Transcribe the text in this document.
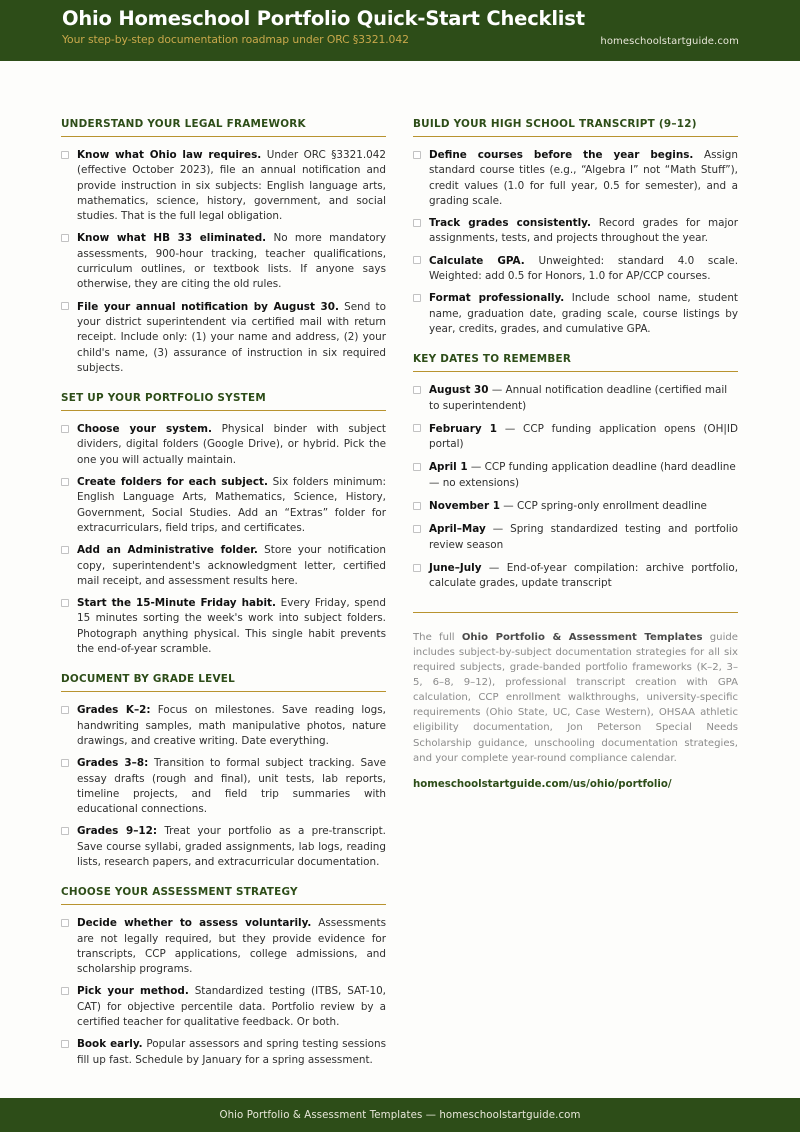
Ohio Homeschool Portfolio Quick-Start Checklist
Your step-by-step documentation roadmap under ORC §3321.042	homeschoolstartguide.com
UNDERSTAND YOUR LEGAL FRAMEWORK
Know what Ohio law requires. Under ORC §3321.042 (effective October 2023), file an annual notification and provide instruction in six subjects: English language arts, mathematics, science, history, government, and social studies. That is the full legal obligation.
Know what HB 33 eliminated. No more mandatory assessments, 900-hour tracking, teacher qualifications, curriculum outlines, or textbook lists. If anyone says otherwise, they are citing the old rules.
File your annual notification by August 30. Send to your district superintendent via certified mail with return receipt. Include only: (1) your name and address, (2) your child's name, (3) assurance of instruction in six required subjects.
SET UP YOUR PORTFOLIO SYSTEM
Choose your system. Physical binder with subject dividers, digital folders (Google Drive), or hybrid. Pick the one you will actually maintain.
Create folders for each subject. Six folders minimum: English Language Arts, Mathematics, Science, History, Government, Social Studies. Add an “Extras” folder for extracurriculars, field trips, and certificates.
Add an Administrative folder. Store your notification copy, superintendent's acknowledgment letter, certified mail receipt, and assessment results here.
Start the 15-Minute Friday habit. Every Friday, spend 15 minutes sorting the week's work into subject folders. Photograph anything physical. This single habit prevents the end-of-year scramble.
DOCUMENT BY GRADE LEVEL
Grades K–2: Focus on milestones. Save reading logs, handwriting samples, math manipulative photos, nature drawings, and creative writing. Date everything.
Grades 3–8: Transition to formal subject tracking. Save essay drafts (rough and final), unit tests, lab reports, timeline projects, and field trip summaries with educational connections.
Grades 9–12: Treat your portfolio as a pre-transcript. Save course syllabi, graded assignments, lab logs, reading lists, research papers, and extracurricular documentation.
CHOOSE YOUR ASSESSMENT STRATEGY
Decide whether to assess voluntarily. Assessments are not legally required, but they provide evidence for transcripts, CCP applications, college admissions, and scholarship programs.
Pick your method. Standardized testing (ITBS, SAT-10, CAT) for objective percentile data. Portfolio review by a certified teacher for qualitative feedback. Or both.
Book early. Popular assessors and spring testing sessions fill up fast. Schedule by January for a spring assessment.
BUILD YOUR HIGH SCHOOL TRANSCRIPT (9–12)
Define courses before the year begins. Assign standard course titles (e.g., “Algebra I” not “Math Stuff”), credit values (1.0 for full year, 0.5 for semester), and a grading scale.
Track grades consistently. Record grades for major assignments, tests, and projects throughout the year.
Calculate GPA. Unweighted: standard 4.0 scale. Weighted: add 0.5 for Honors, 1.0 for AP/CCP courses.
Format professionally. Include school name, student name, graduation date, grading scale, course listings by year, credits, grades, and cumulative GPA.
KEY DATES TO REMEMBER
August 30 — Annual notification deadline (certified mail to superintendent)
February 1 — CCP funding application opens (OH|ID portal)
April 1 — CCP funding application deadline (hard deadline — no extensions)
November 1 — CCP spring-only enrollment deadline
April–May — Spring standardized testing and portfolio review season
June–July — End-of-year compilation: archive portfolio, calculate grades, update transcript
The full Ohio Portfolio & Assessment Templates guide includes subject-by-subject documentation strategies for all six required subjects, grade-banded portfolio frameworks (K–2, 3–5, 6–8, 9–12), professional transcript creation with GPA calculation, CCP enrollment walkthroughs, university-specific requirements (Ohio State, UC, Case Western), OHSAA athletic eligibility documentation, Jon Peterson Special Needs Scholarship guidance, unschooling documentation strategies, and your complete year-round compliance calendar.
homeschoolstartguide.com/us/ohio/portfolio/
Ohio Portfolio & Assessment Templates — homeschoolstartguide.com
